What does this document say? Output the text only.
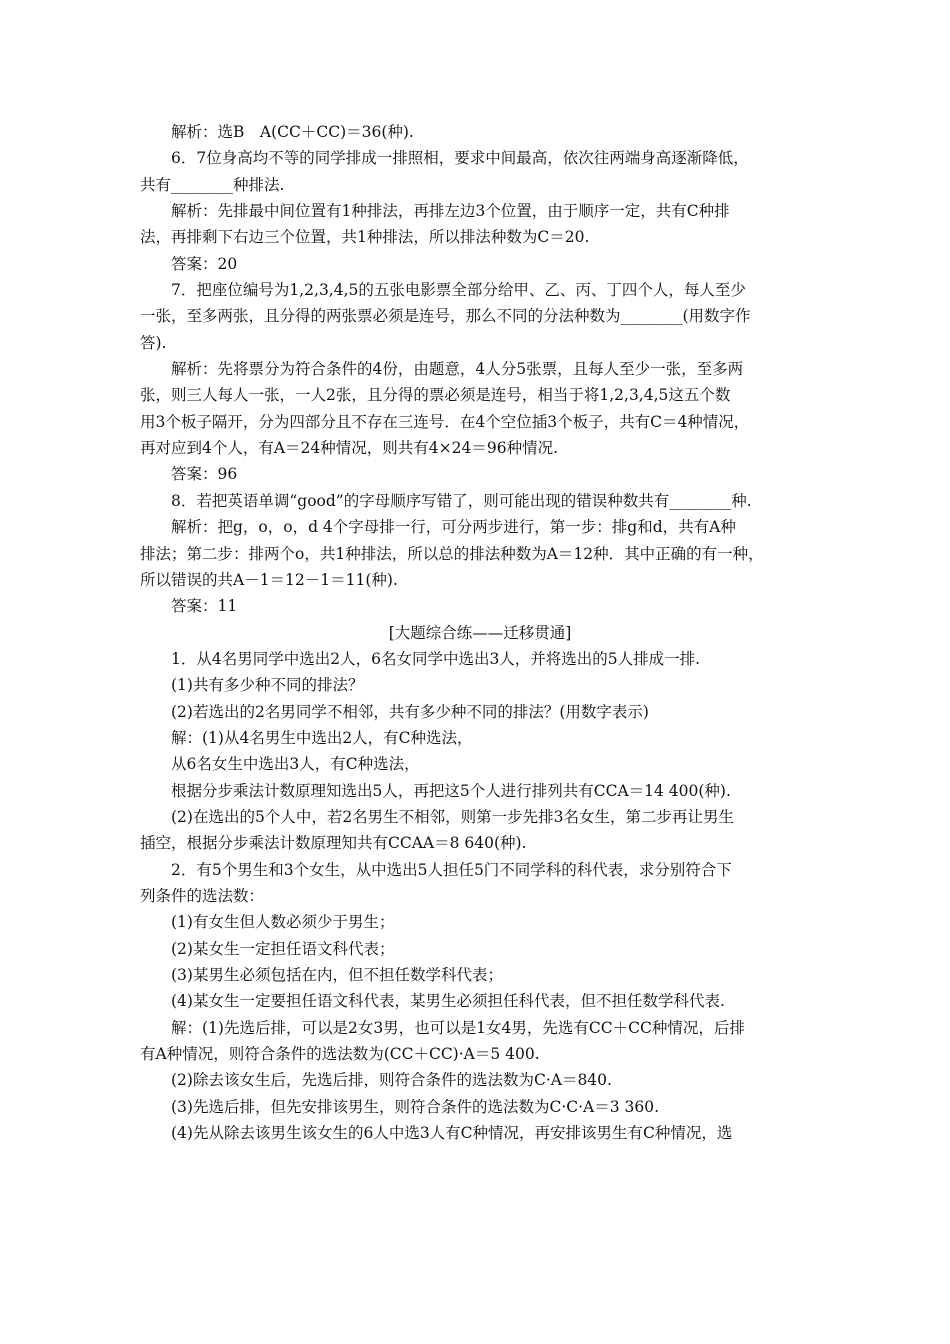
解析：选B　A(CC＋CC)＝36(种).
6．7位身高均不等的同学排成一排照相，要求中间最高，依次往两端身高逐渐降低，
共有________种排法.
解析：先排最中间位置有1种排法，再排左边3个位置，由于顺序一定，共有C种排
法，再排剩下右边三个位置，共1种排法，所以排法种数为C＝20.
答案：20
7．把座位编号为1,2,3,4,5的五张电影票全部分给甲、乙、丙、丁四个人，每人至少
一张，至多两张，且分得的两张票必须是连号，那么不同的分法种数为________(用数字作
答).
解析：先将票分为符合条件的4份，由题意，4人分5张票，且每人至少一张，至多两
张，则三人每人一张，一人2张，且分得的票必须是连号，相当于将1,2,3,4,5这五个数
用3个板子隔开，分为四部分且不存在三连号．在4个空位插3个板子，共有C＝4种情况，
再对应到4个人，有A＝24种情况，则共有4×24＝96种情况.
答案：96
8．若把英语单调“good”的字母顺序写错了，则可能出现的错误种数共有________种.
解析：把g，o，o，d 4个字母排一行，可分两步进行，第一步：排g和d，共有A种
排法；第二步：排两个o，共1种排法，所以总的排法种数为A＝12种．其中正确的有一种，
所以错误的共A－1＝12－1＝11(种).
答案：11
[大题综合练——迁移贯通]
1．从4名男同学中选出2人，6名女同学中选出3人，并将选出的5人排成一排.
(1)共有多少种不同的排法？
(2)若选出的2名男同学不相邻，共有多少种不同的排法？(用数字表示)
解：(1)从4名男生中选出2人，有C种选法，
从6名女生中选出3人，有C种选法，
根据分步乘法计数原理知选出5人，再把这5个人进行排列共有CCA＝14 400(种).
(2)在选出的5个人中，若2名男生不相邻，则第一步先排3名女生，第二步再让男生
插空，根据分步乘法计数原理知共有CCAA＝8 640(种).
2．有5个男生和3个女生，从中选出5人担任5门不同学科的科代表，求分别符合下
列条件的选法数：
(1)有女生但人数必须少于男生；
(2)某女生一定担任语文科代表；
(3)某男生必须包括在内，但不担任数学科代表；
(4)某女生一定要担任语文科代表，某男生必须担任科代表，但不担任数学科代表.
解：(1)先选后排，可以是2女3男，也可以是1女4男，先选有CC＋CC种情况，后排
有A种情况，则符合条件的选法数为(CC＋CC)·A＝5 400.
(2)除去该女生后，先选后排，则符合条件的选法数为C·A＝840.
(3)先选后排，但先安排该男生，则符合条件的选法数为C·C·A＝3 360.
(4)先从除去该男生该女生的6人中选3人有C种情况，再安排该男生有C种情况，选
